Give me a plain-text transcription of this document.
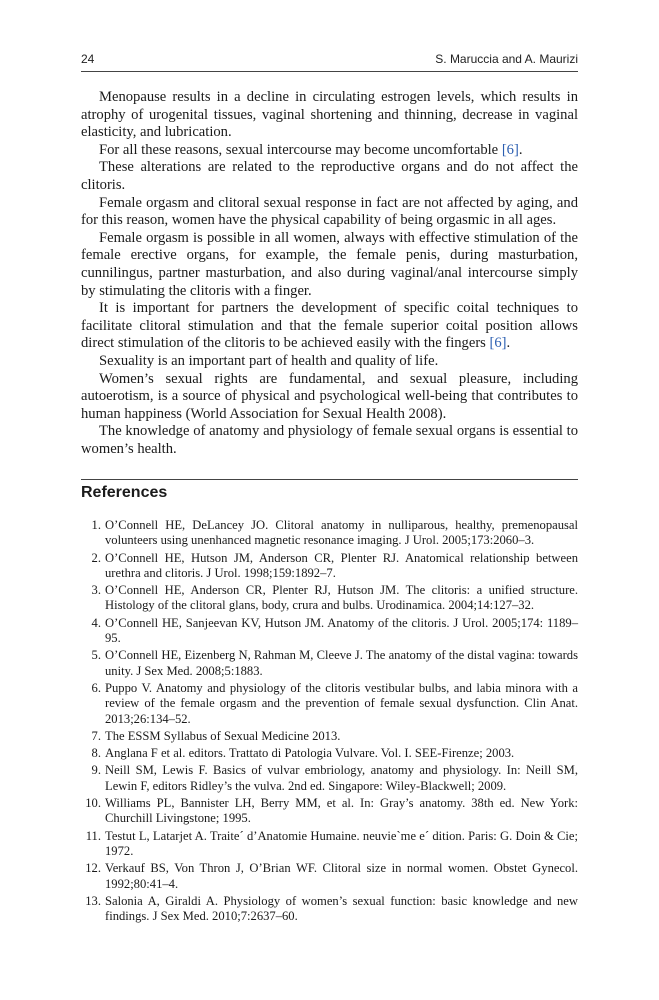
24	S. Maruccia and A. Maurizi

Menopause results in a decline in circulating estrogen levels, which results in atrophy of urogenital tissues, vaginal shortening and thinning, decrease in vaginal elasticity, and lubrication.

For all these reasons, sexual intercourse may become uncomfortable [6].

These alterations are related to the reproductive organs and do not affect the clitoris.

Female orgasm and clitoral sexual response in fact are not affected by aging, and for this reason, women have the physical capability of being orgasmic in all ages.

Female orgasm is possible in all women, always with effective stimulation of the female erective organs, for example, the female penis, during masturbation, cunnilingus, partner masturbation, and also during vaginal/anal intercourse simply by stimulating the clitoris with a finger.

It is important for partners the development of specific coital techniques to facilitate clitoral stimulation and that the female superior coital position allows direct stimulation of the clitoris to be achieved easily with the fingers [6].

Sexuality is an important part of health and quality of life.

Women’s sexual rights are fundamental, and sexual pleasure, including autoerotism, is a source of physical and psychological well-being that contributes to human happiness (World Association for Sexual Health 2008).

The knowledge of anatomy and physiology of female sexual organs is essential to women’s health.

References
1. O’Connell HE, DeLancey JO. Clitoral anatomy in nulliparous, healthy, premenopausal volunteers using unenhanced magnetic resonance imaging. J Urol. 2005;173:2060–3.
2. O’Connell HE, Hutson JM, Anderson CR, Plenter RJ. Anatomical relationship between urethra and clitoris. J Urol. 1998;159:1892–7.
3. O’Connell HE, Anderson CR, Plenter RJ, Hutson JM. The clitoris: a unified structure. Histology of the clitoral glans, body, crura and bulbs. Urodinamica. 2004;14:127–32.
4. O’Connell HE, Sanjeevan KV, Hutson JM. Anatomy of the clitoris. J Urol. 2005;174: 1189–95.
5. O’Connell HE, Eizenberg N, Rahman M, Cleeve J. The anatomy of the distal vagina: towards unity. J Sex Med. 2008;5:1883.
6. Puppo V. Anatomy and physiology of the clitoris vestibular bulbs, and labia minora with a review of the female orgasm and the prevention of female sexual dysfunction. Clin Anat. 2013;26:134–52.
7. The ESSM Syllabus of Sexual Medicine 2013.
8. Anglana F et al. editors. Trattato di Patologia Vulvare. Vol. I. SEE-Firenze; 2003.
9. Neill SM, Lewis F. Basics of vulvar embriology, anatomy and physiology. In: Neill SM, Lewin F, editors Ridley’s the vulva. 2nd ed. Singapore: Wiley-Blackwell; 2009.
10. Williams PL, Bannister LH, Berry MM, et al. In: Gray’s anatomy. 38th ed. New York: Churchill Livingstone; 1995.
11. Testut L, Latarjet A. Traite´ d’Anatomie Humaine. neuvie`me e´ dition. Paris: G. Doin & Cie; 1972.
12. Verkauf BS, Von Thron J, O’Brian WF. Clitoral size in normal women. Obstet Gynecol. 1992;80:41–4.
13. Salonia A, Giraldi A. Physiology of women’s sexual function: basic knowledge and new findings. J Sex Med. 2010;7:2637–60.
